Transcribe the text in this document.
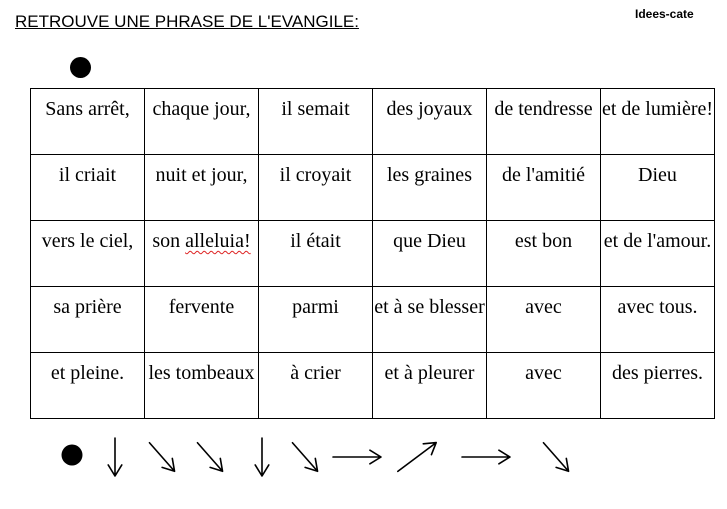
RETROUVE UNE PHRASE DE L'EVANGILE:	Idees-cate
Sans arrêt,	chaque jour,	il semait	des joyaux	de tendresse	et de lumière!

il criait	nuit et jour,	il croyait	les graines	de l'amitié	Dieu

vers le ciel,	son alleluia!	il était	que Dieu	est bon	et de l'amour.

sa prière	fervente	parmi	et à se blesser	avec	avec tous.

et pleine.	les tombeaux	à crier	et à pleurer	avec	des pierres.
